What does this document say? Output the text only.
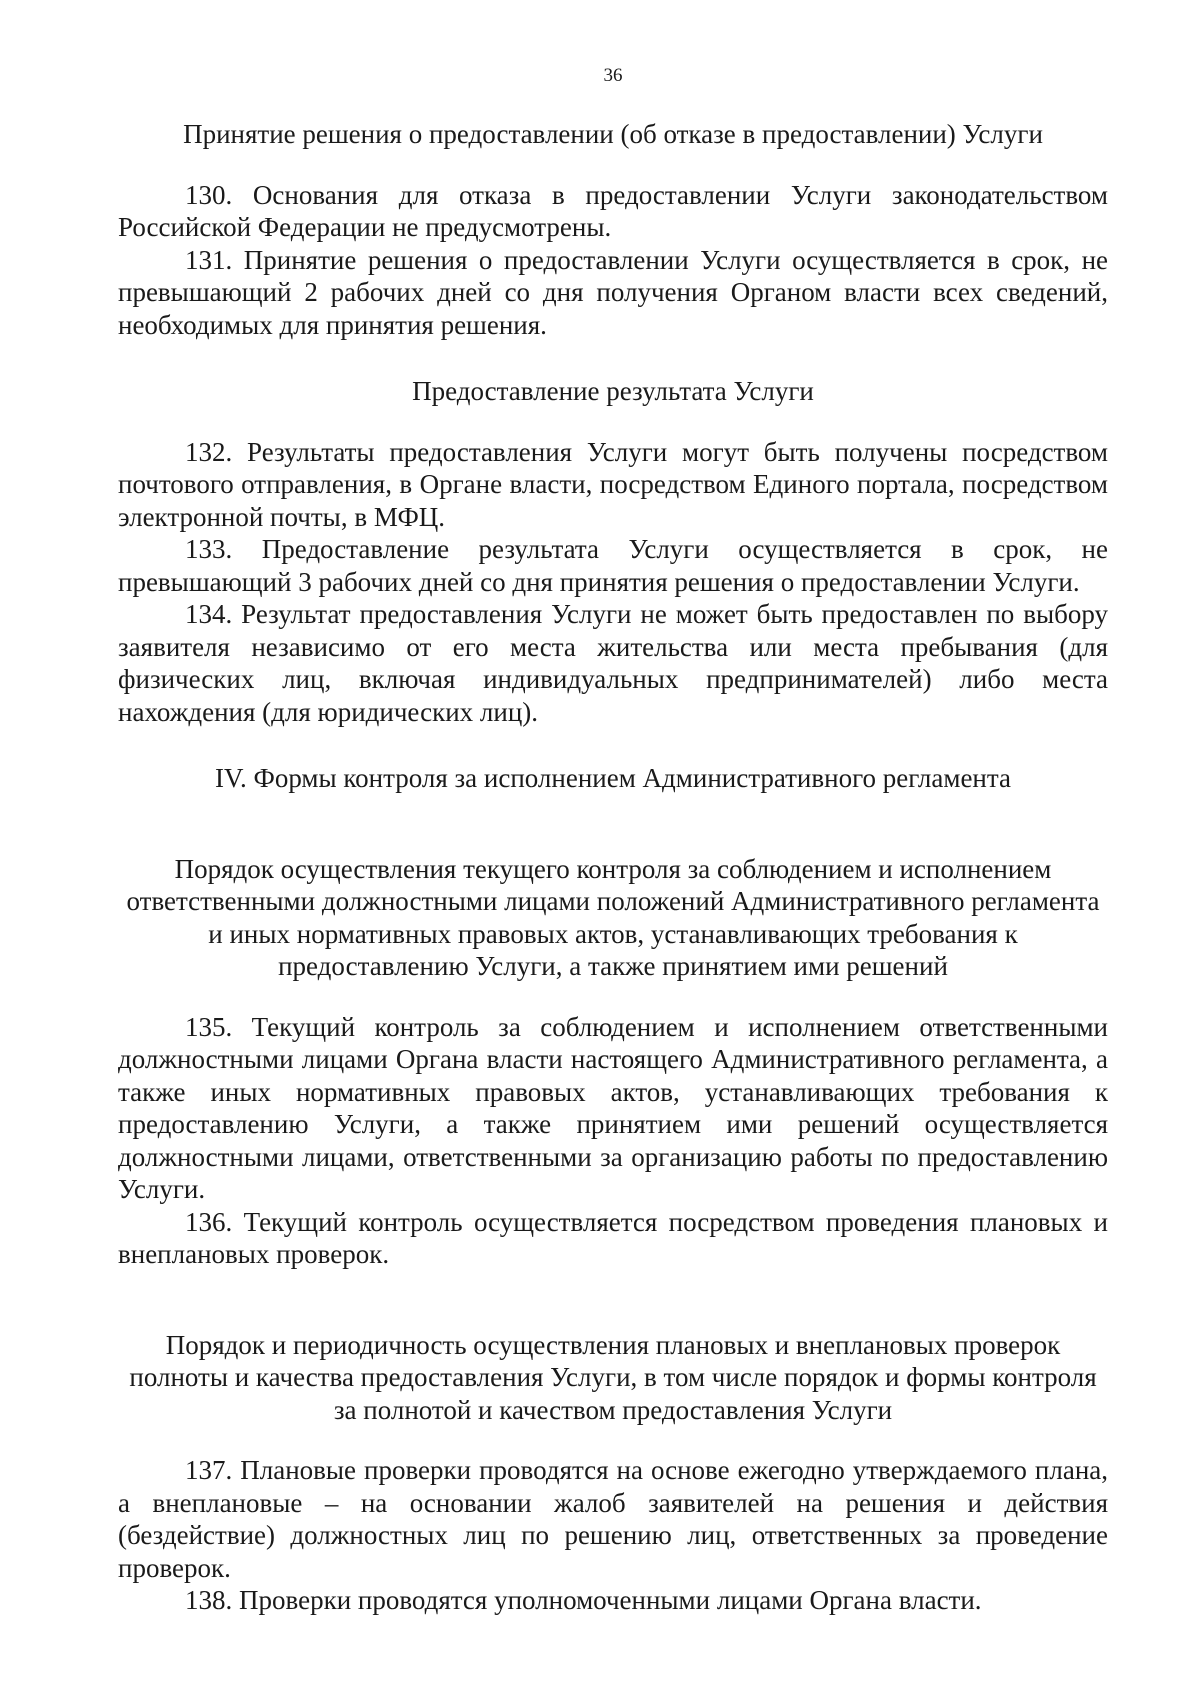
36

Принятие решения о предоставлении (об отказе в предоставлении) Услуги

130. Основания для отказа в предоставлении Услуги законодательством Российской Федерации не предусмотрены.

131. Принятие решения о предоставлении Услуги осуществляется в срок, не превышающий 2 рабочих дней со дня получения Органом власти всех сведений, необходимых для принятия решения.

Предоставление результата Услуги

132. Результаты предоставления Услуги могут быть получены посредством почтового отправления, в Органе власти, посредством Единого портала, посредством электронной почты, в МФЦ.

133. Предоставление результата Услуги осуществляется в срок, не превышающий 3 рабочих дней со дня принятия решения о предоставлении Услуги.

134. Результат предоставления Услуги не может быть предоставлен по выбору заявителя независимо от его места жительства или места пребывания (для физических лиц, включая индивидуальных предпринимателей) либо места нахождения (для юридических лиц).

IV. Формы контроля за исполнением Административного регламента

Порядок осуществления текущего контроля за соблюдением и исполнением
ответственными должностными лицами положений Административного регламента
и иных нормативных правовых актов, устанавливающих требования к
предоставлению Услуги, а также принятием ими решений

135. Текущий контроль за соблюдением и исполнением ответственными должностными лицами Органа власти настоящего Административного регламента, а также иных нормативных правовых актов, устанавливающих требования к предоставлению Услуги, а также принятием ими решений осуществляется должностными лицами, ответственными за организацию работы по предоставлению Услуги.

136. Текущий контроль осуществляется посредством проведения плановых и внеплановых проверок.

Порядок и периодичность осуществления плановых и внеплановых проверок
полноты и качества предоставления Услуги, в том числе порядок и формы контроля
за полнотой и качеством предоставления Услуги

137. Плановые проверки проводятся на основе ежегодно утверждаемого плана, а внеплановые – на основании жалоб заявителей на решения и действия (бездействие) должностных лиц по решению лиц, ответственных за проведение проверок.

138. Проверки проводятся уполномоченными лицами Органа власти.
